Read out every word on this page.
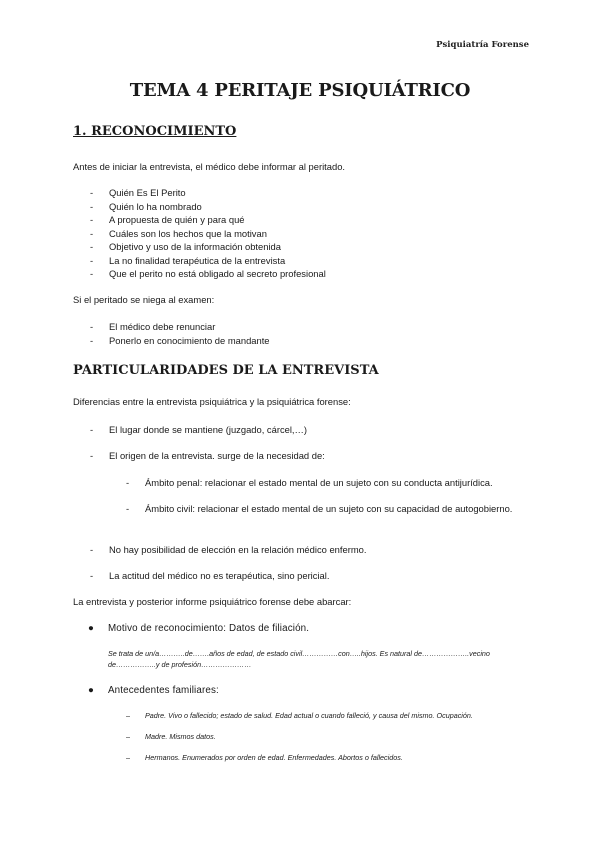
Psiquiatría Forense
TEMA 4 PERITAJE PSIQUIÁTRICO
1. RECONOCIMIENTO
Antes de iniciar la entrevista, el médico debe informar al peritado.
- Quién Es El Perito
- Quién lo ha nombrado
- A propuesta de quién y para qué
- Cuáles son los hechos que la motivan
- Objetivo y uso de la información obtenida
- La no finalidad terapéutica de la entrevista
- Que el perito no está obligado al secreto profesional
Si el peritado se niega al examen:
- El médico debe renunciar
- Ponerlo en conocimiento de mandante
PARTICULARIDADES DE LA ENTREVISTA
Diferencias entre la entrevista psiquiátrica y la psiquiátrica forense:
- El lugar donde se mantiene (juzgado, cárcel,…)
- El origen de la entrevista. surge de la necesidad de:
- Ámbito penal: relacionar el estado mental de un sujeto con su conducta antijurídica.
- Ámbito civil: relacionar el estado mental de un sujeto con su capacidad de autogobierno.
- No hay posibilidad de elección en la relación médico enfermo.
- La actitud del médico no es terapéutica, sino pericial.
La entrevista y posterior informe psiquiátrico forense debe abarcar:
● Motivo de reconocimiento: Datos de filiación.
Se trata de un/a………..de…….años de edad, de estado civil……………con…..hijos. Es natural de………………..vecino de……………..y de profesión…………………
● Antecedentes familiares:
– Padre. Vivo o fallecido; estado de salud. Edad actual o cuando falleció, y causa del mismo. Ocupación.
– Madre. Mismos datos.
– Hermanos. Enumerados por orden de edad. Enfermedades. Abortos o fallecidos.
